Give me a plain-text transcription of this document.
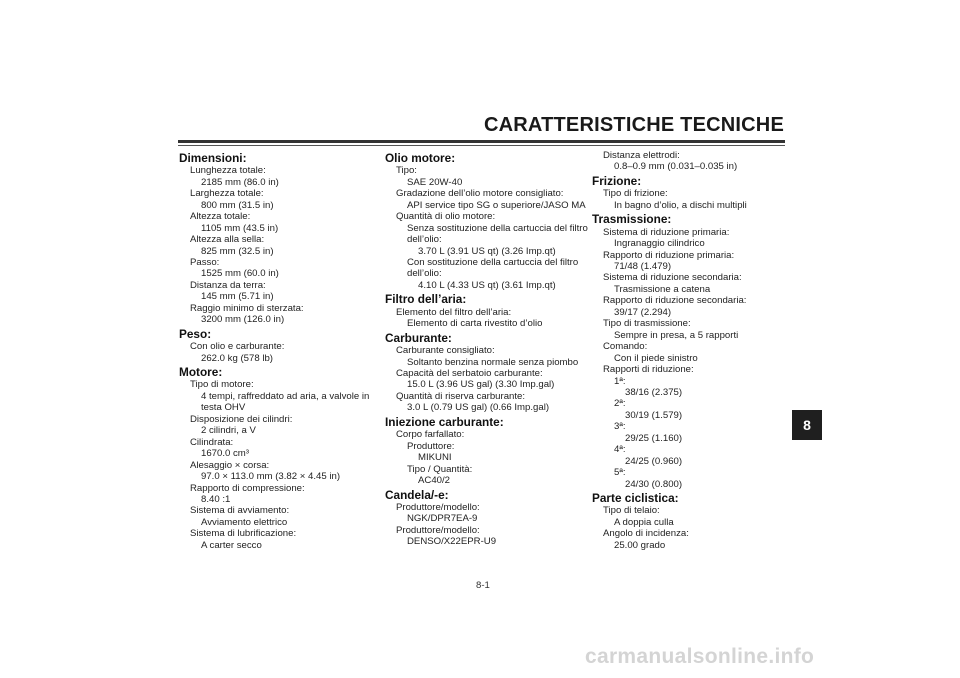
CARATTERISTICHE TECNICHE
Dimensioni:
Lunghezza totale:
2185 mm (86.0 in)
Larghezza totale:
800 mm (31.5 in)
Altezza totale:
1105 mm (43.5 in)
Altezza alla sella:
825 mm (32.5 in)
Passo:
1525 mm (60.0 in)
Distanza da terra:
145 mm (5.71 in)
Raggio minimo di sterzata:
3200 mm (126.0 in)
Peso:
Con olio e carburante:
262.0 kg (578 lb)
Motore:
Tipo di motore:
4 tempi, raffreddato ad aria, a valvole in
testa OHV
Disposizione dei cilindri:
2 cilindri, a V
Cilindrata:
1670.0 cm³
Alesaggio × corsa:
97.0 × 113.0 mm (3.82 × 4.45 in)
Rapporto di compressione:
8.40 :1
Sistema di avviamento:
Avviamento elettrico
Sistema di lubrificazione:
A carter secco
Olio motore:
Tipo:
SAE 20W-40
Gradazione dell’olio motore consigliato:
API service tipo SG o superiore/JASO MA
Quantità di olio motore:
Senza sostituzione della cartuccia del filtro
dell’olio:
3.70 L (3.91 US qt) (3.26 Imp.qt)
Con sostituzione della cartuccia del filtro
dell’olio:
4.10 L (4.33 US qt) (3.61 Imp.qt)
Filtro dell’aria:
Elemento del filtro dell’aria:
Elemento di carta rivestito d’olio
Carburante:
Carburante consigliato:
Soltanto benzina normale senza piombo
Capacità del serbatoio carburante:
15.0 L (3.96 US gal) (3.30 Imp.gal)
Quantità di riserva carburante:
3.0 L (0.79 US gal) (0.66 Imp.gal)
Iniezione carburante:
Corpo farfallato:
Produttore:
MIKUNI
Tipo / Quantità:
AC40/2
Candela/-e:
Produttore/modello:
NGK/DPR7EA-9
Produttore/modello:
DENSO/X22EPR-U9
Distanza elettrodi:
0.8–0.9 mm (0.031–0.035 in)
Frizione:
Tipo di frizione:
In bagno d’olio, a dischi multipli
Trasmissione:
Sistema di riduzione primaria:
Ingranaggio cilindrico
Rapporto di riduzione primaria:
71/48 (1.479)
Sistema di riduzione secondaria:
Trasmissione a catena
Rapporto di riduzione secondaria:
39/17 (2.294)
Tipo di trasmissione:
Sempre in presa, a 5 rapporti
Comando:
Con il piede sinistro
Rapporti di riduzione:
1ª:
38/16 (2.375)
2ª:
30/19 (1.579)
3ª:
29/25 (1.160)
4ª:
24/25 (0.960)
5ª:
24/30 (0.800)
Parte ciclistica:
Tipo di telaio:
A doppia culla
Angolo di incidenza:
25.00 grado
8-1
8
carmanualsonline.info
